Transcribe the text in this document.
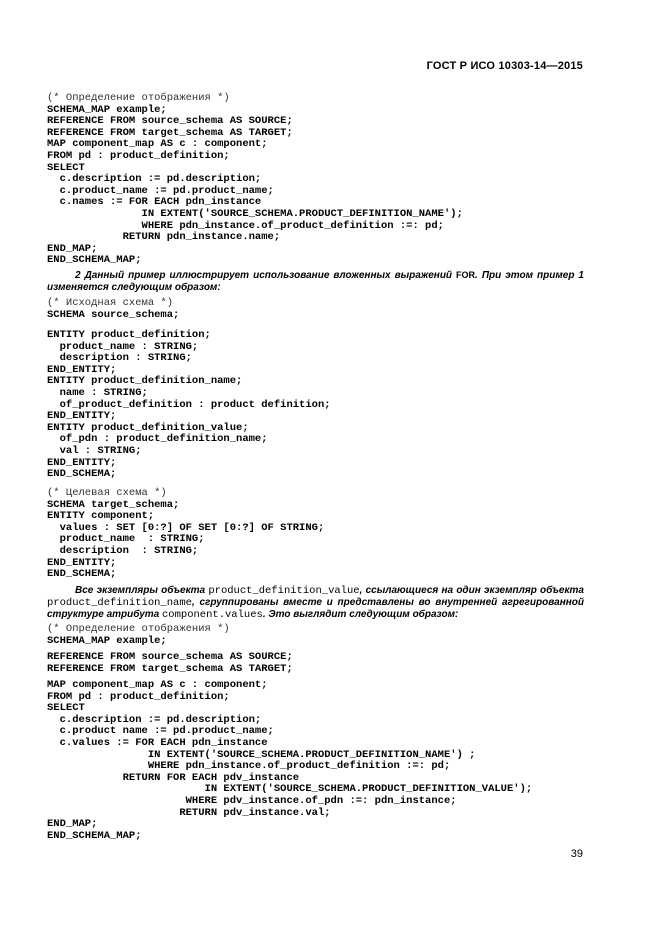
ГОСТ Р ИСО 10303-14—2015
(* Определение отображения *)
SCHEMA_MAP example;
REFERENCE FROM source_schema AS SOURCE;
REFERENCE FROM target_schema AS TARGET;
MAP component_map AS c : component;
FROM pd : product_definition;
SELECT
c.description := pd.description;
c.product_name := pd.product_name;
c.names := FOR EACH pdn_instance
IN EXTENT('SOURCE_SCHEMA.PRODUCT_DEFINITION_NAME');
WHERE pdn_instance.of_product_definition :=: pd;
RETURN pdn_instance.name;
END_MAP;
END_SCHEMA_MAP;

2 Данный пример иллюстрирует использование вложенных выражений FOR. При этом пример 1 изменяется следующим образом:

(* Исходная схема *)
SCHEMA source_schema;
ENTITY product_definition;
product_name : STRING;
description : STRING;
END_ENTITY;
ENTITY product_definition_name;
name : STRING;
of_product_definition : product definition;
END_ENTITY;
ENTITY product_definition_value;
of_pdn : product_definition_name;
val : STRING;
END_ENTITY;
END_SCHEMA;
(* Целевая схема *)
SCHEMA target_schema;
ENTITY component;
values : SET [0:?] OF SET [0:?] OF STRING;
product_name  : STRING;
description  : STRING;
END_ENTITY;
END_SCHEMA;

Все экземпляры объекта product_definition_value, ссылающиеся на один экземпляр объекта product_definition_name, сгруппированы вместе и представлены во внутренней агрегированной структуре атрибута component.values. Это выглядит следующим образом:

(* Определение отображения *)
SCHEMA_MAP example;
REFERENCE FROM source_schema AS SOURCE;
REFERENCE FROM target_schema AS TARGET;
MAP component_map AS c : component;
FROM pd : product_definition;
SELECT
c.description := pd.description;
c.product name := pd.product_name;
c.values := FOR EACH pdn_instance
IN EXTENT('SOURCE_SCHEMA.PRODUCT_DEFINITION_NAME') ;
WHERE pdn_instance.of_product_definition :=: pd;
RETURN FOR EACH pdv_instance
IN EXTENT('SOURCE_SCHEMA.PRODUCT_DEFINITION_VALUE');
WHERE pdv_instance.of_pdn :=: pdn_instance;
RETURN pdv_instance.val;
END_MAP;
END_SCHEMA_MAP;
39
